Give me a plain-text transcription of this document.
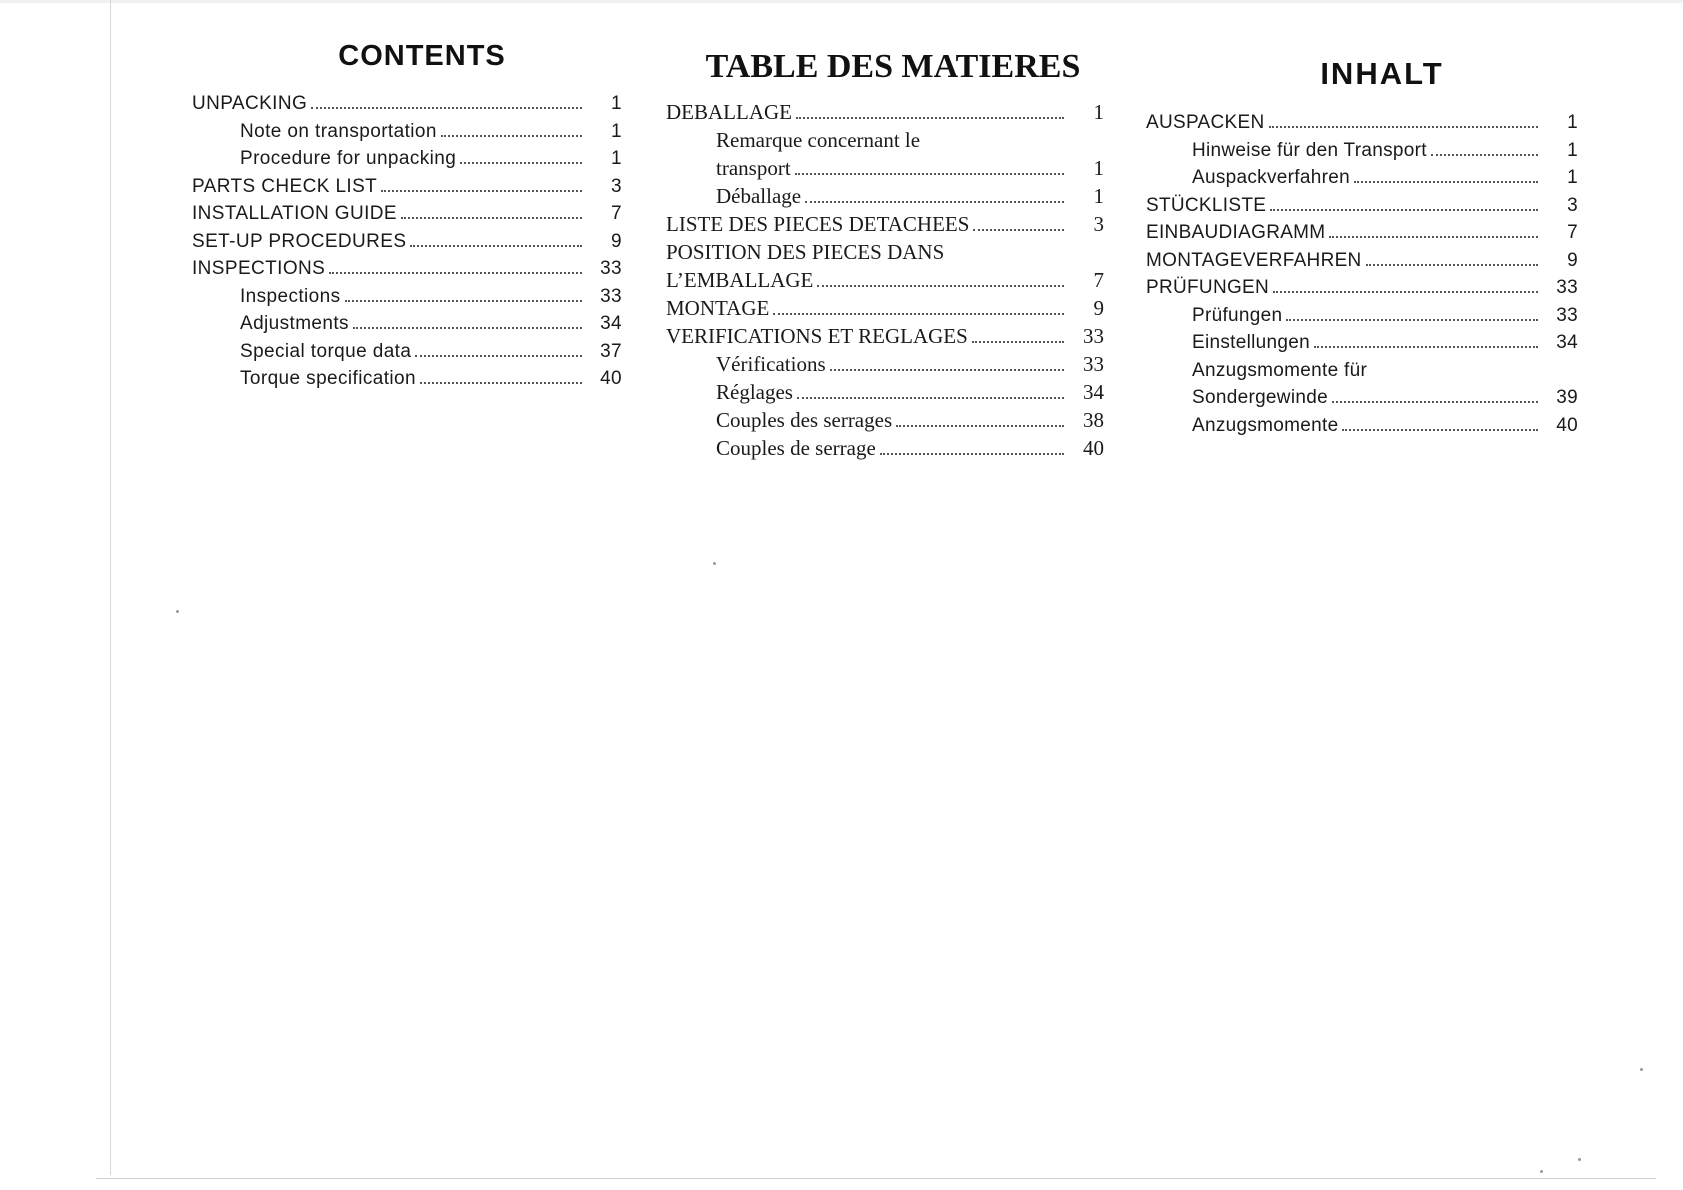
CONTENTS
UNPACKING	1
Note on transportation	1
Procedure for unpacking	1
PARTS CHECK LIST	3
INSTALLATION GUIDE	7
SET-UP PROCEDURES	9
INSPECTIONS	33
Inspections	33
Adjustments	34
Special torque data	37
Torque specification	40
TABLE DES MATIERES
DEBALLAGE	1
Remarque concernant le
transport	1
Déballage	1
LISTE DES PIECES DETACHEES	3
POSITION DES PIECES DANS
L’EMBALLAGE	7
MONTAGE	9
VERIFICATIONS ET REGLAGES	33
Vérifications	33
Réglages	34
Couples des serrages	38
Couples de serrage	40
INHALT
AUSPACKEN	1
Hinweise für den Transport	1
Auspackverfahren	1
STÜCKLISTE	3
EINBAUDIAGRAMM	7
MONTAGEVERFAHREN	9
PRÜFUNGEN	33
Prüfungen	33
Einstellungen	34
Anzugsmomente für
Sondergewinde	39
Anzugsmomente	40
